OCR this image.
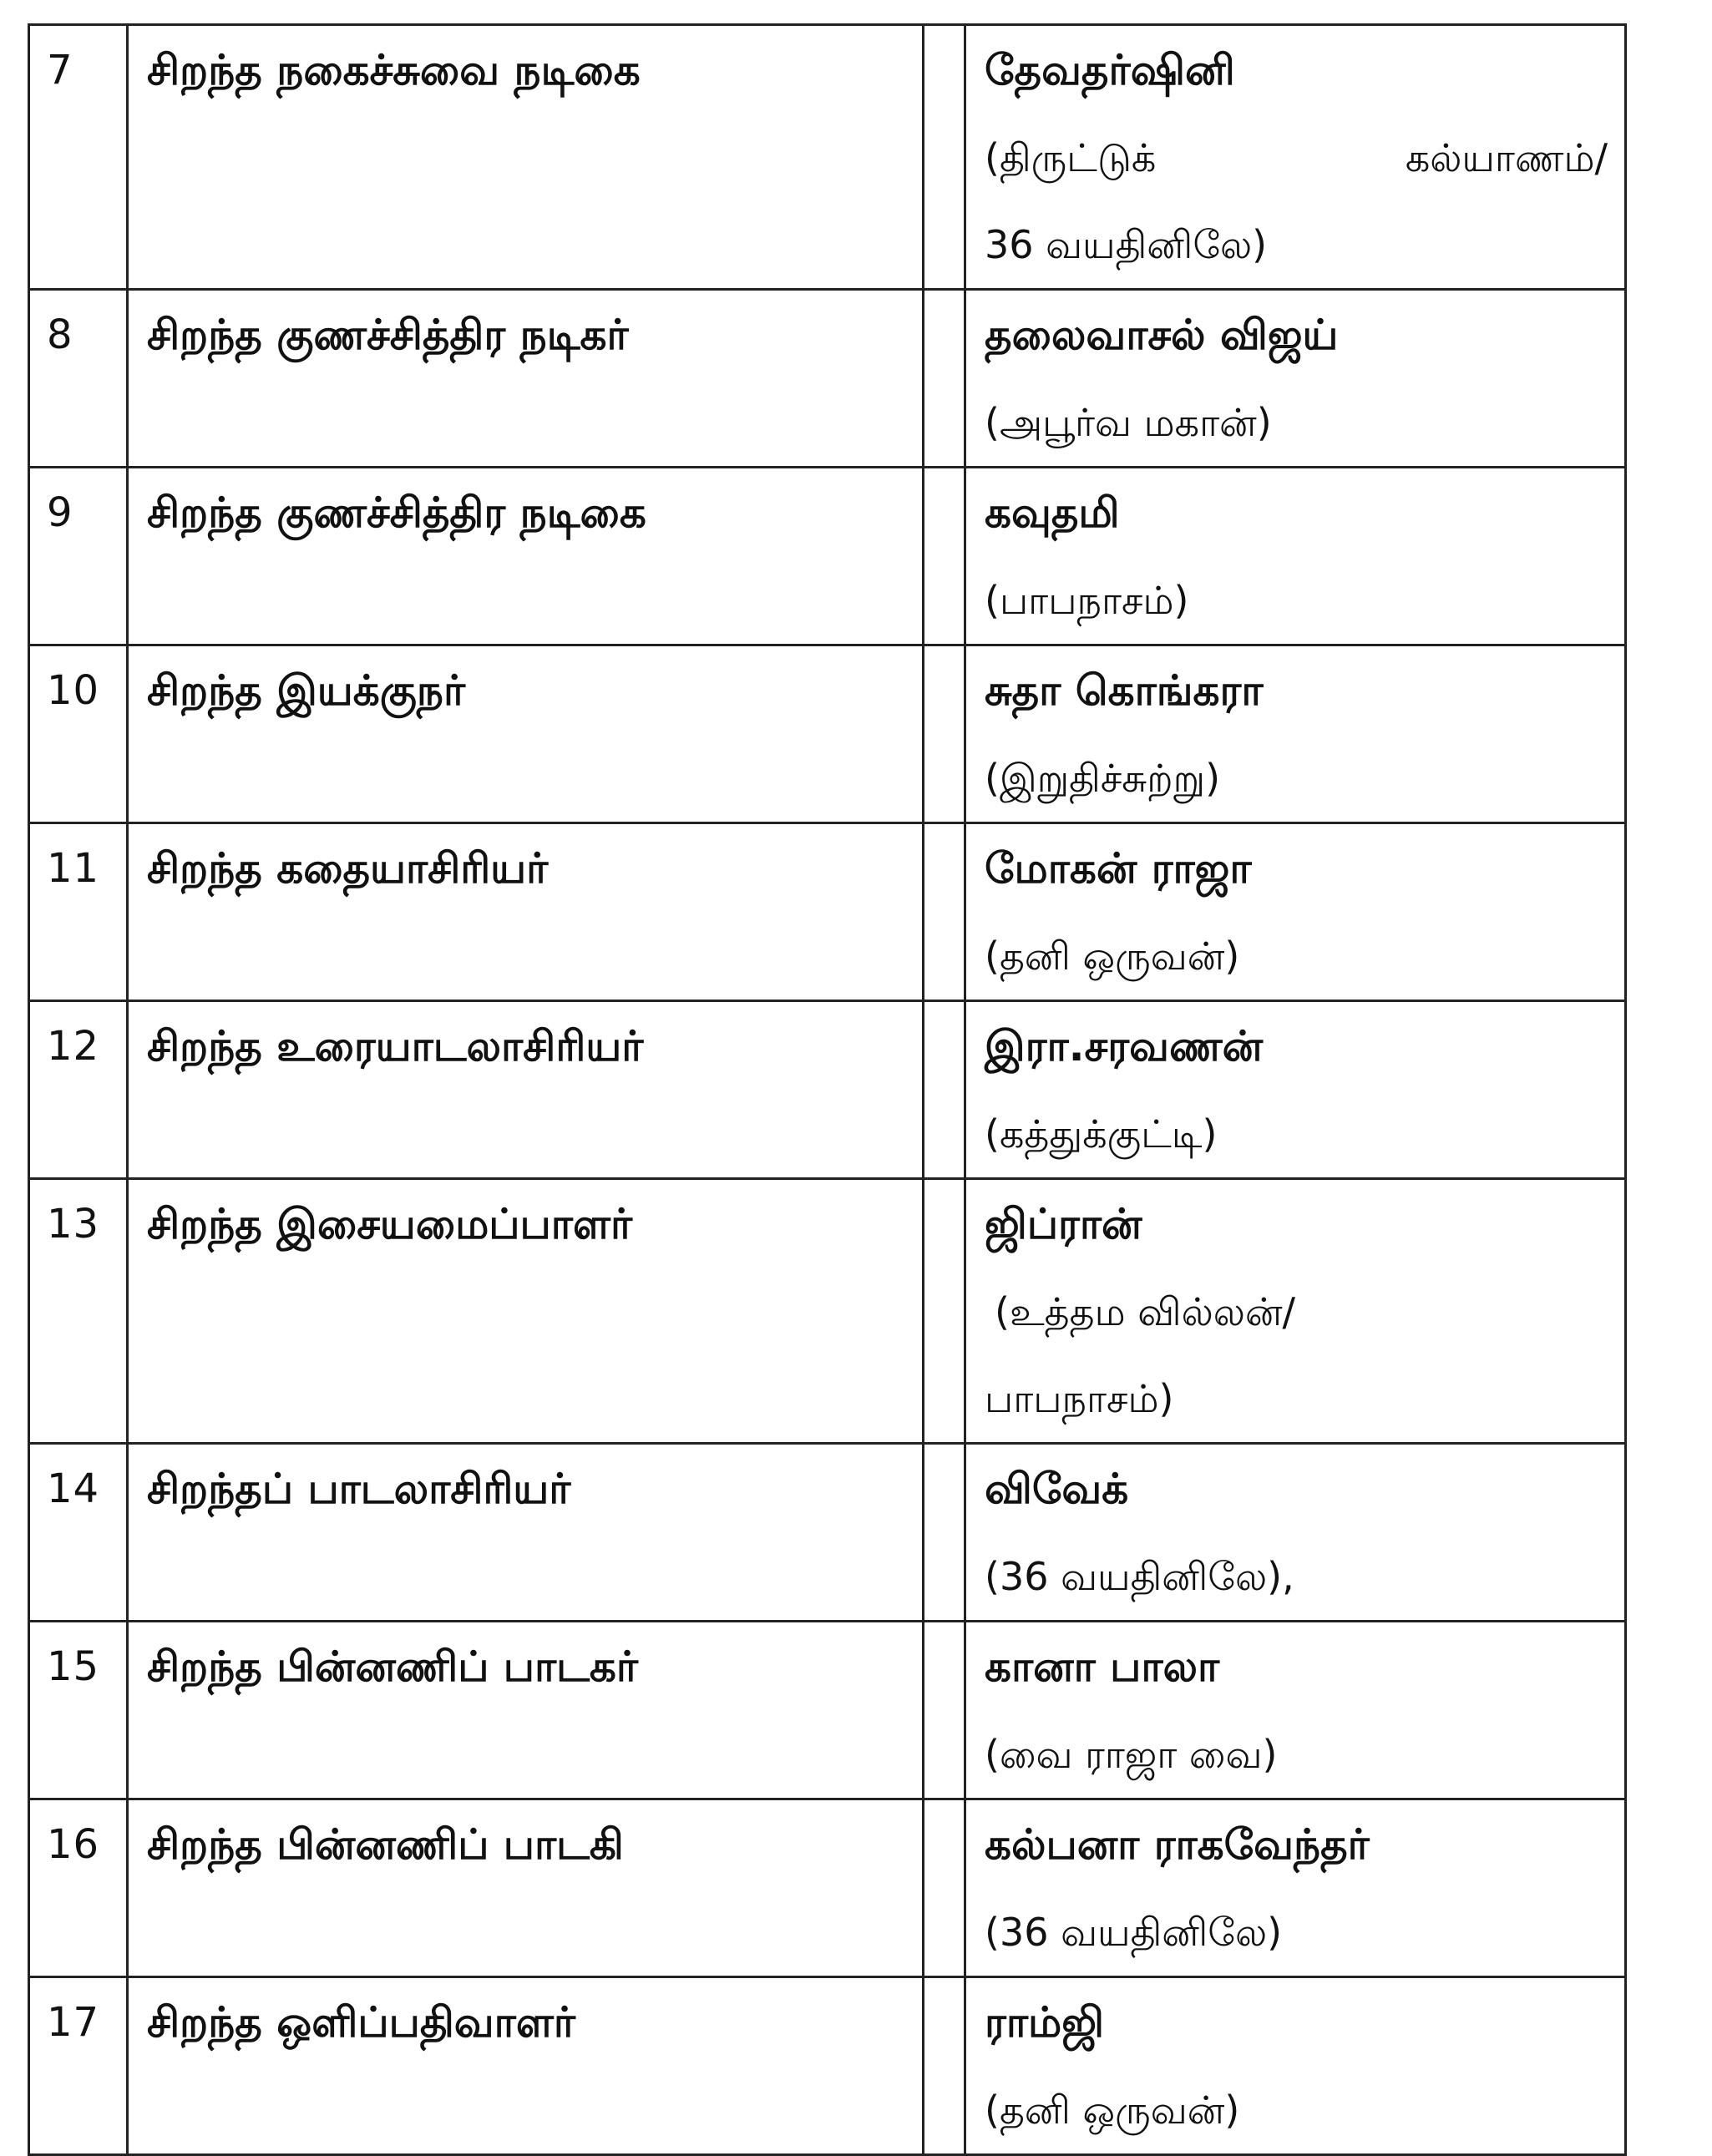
7	சிறந்த நகைச்சுவை நடிகை		தேவதர்ஷினி
(திருட்டுக் கல்யாணம்/
36 வயதினிலே)

8	சிறந்த குணச்சித்திர நடிகர்		தலைவாசல் விஜய்
(அபூர்வ மகான்)

9	சிறந்த குணச்சித்திர நடிகை		கவுதமி
(பாபநாசம்)

10	சிறந்த இயக்குநர்		சுதா கொங்கரா
(இறுதிச்சுற்று)

11	சிறந்த கதையாசிரியர்		மோகன் ராஜா
(தனி ஒருவன்)

12	சிறந்த உரையாடலாசிரியர்		இரா.சரவணன்
(கத்துக்குட்டி)

13	சிறந்த இசையமைப்பாளர்		ஜிப்ரான்
(உத்தம வில்லன்/
பாபநாசம்)

14	சிறந்தப் பாடலாசிரியர்		விவேக்
(36 வயதினிலே),

15	சிறந்த பின்னணிப் பாடகர்		கானா பாலா
(வை ராஜா வை)

16	சிறந்த பின்னணிப் பாடகி		கல்பனா ராகவேந்தர்
(36 வயதினிலே)

17	சிறந்த ஒளிப்பதிவாளர்		ராம்ஜி
(தனி ஒருவன்)
